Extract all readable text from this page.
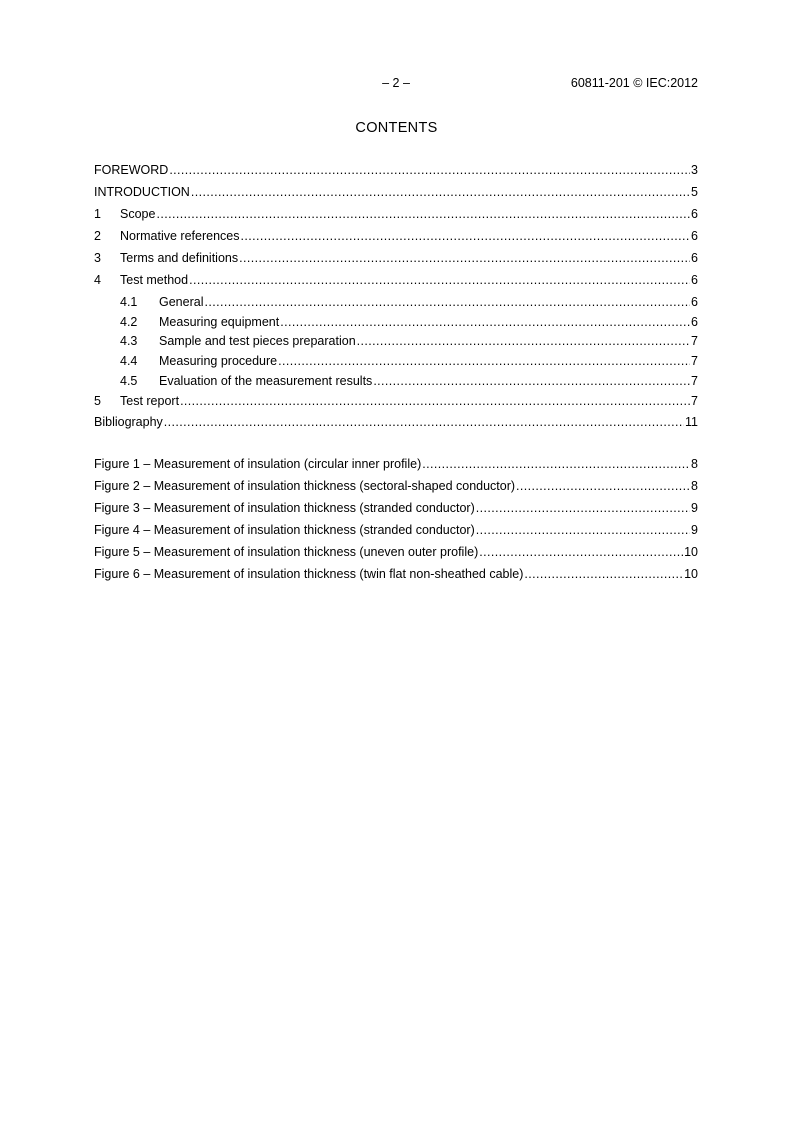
– 2 –	60811-201 © IEC:2012
CONTENTS
FOREWORD .....	3
INTRODUCTION .....	5
1	Scope .....	6
2	Normative references .....	6
3	Terms and definitions .....	6
4	Test method .....	6
4.1	General .....	6
4.2	Measuring equipment .....	6
4.3	Sample and test pieces preparation .....	7
4.4	Measuring procedure .....	7
4.5	Evaluation of the measurement results .....	7
5	Test report .....	7
Bibliography .....	11
Figure 1 – Measurement of insulation (circular inner profile) .....	8
Figure 2 – Measurement of insulation thickness (sectoral-shaped conductor) .....	8
Figure 3 – Measurement of insulation thickness (stranded conductor) .....	9
Figure 4 – Measurement of insulation thickness (stranded conductor) .....	9
Figure 5 – Measurement of insulation thickness (uneven outer profile) .....	10
Figure 6 – Measurement of insulation thickness (twin flat non-sheathed cable) .....	10
